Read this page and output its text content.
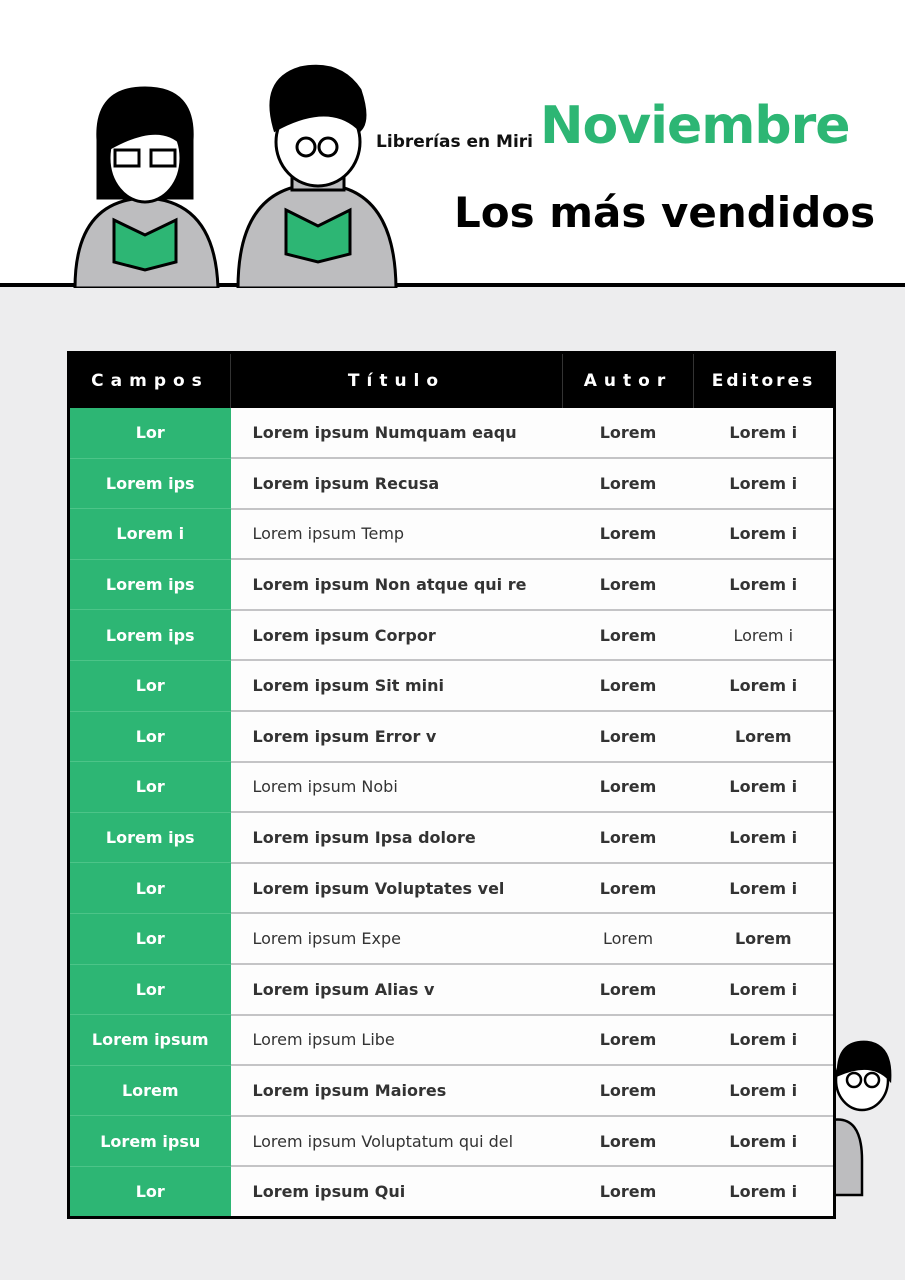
Librerías en Miri Noviembre
Los más vendidos
Campos	Título	Autor	Editores
Lor	Lorem ipsum Numquam eaqu	Lorem	Lorem i
Lorem ips	Lorem ipsum Recusa	Lorem	Lorem i
Lorem i	Lorem ipsum Temp	Lorem	Lorem i
Lorem ips	Lorem ipsum Non atque qui re	Lorem	Lorem i
Lorem ips	Lorem ipsum Corpor	Lorem	Lorem i
Lor	Lorem ipsum Sit mini	Lorem	Lorem i
Lor	Lorem ipsum Error v	Lorem	Lorem
Lor	Lorem ipsum Nobi	Lorem	Lorem i
Lorem ips	Lorem ipsum Ipsa dolore	Lorem	Lorem i
Lor	Lorem ipsum Voluptates vel	Lorem	Lorem i
Lor	Lorem ipsum Expe	Lorem	Lorem
Lor	Lorem ipsum Alias v	Lorem	Lorem i
Lorem ipsum	Lorem ipsum Libe	Lorem	Lorem i
Lorem	Lorem ipsum Maiores	Lorem	Lorem i
Lorem ipsu	Lorem ipsum Voluptatum qui del	Lorem	Lorem i
Lor	Lorem ipsum Qui	Lorem	Lorem i
